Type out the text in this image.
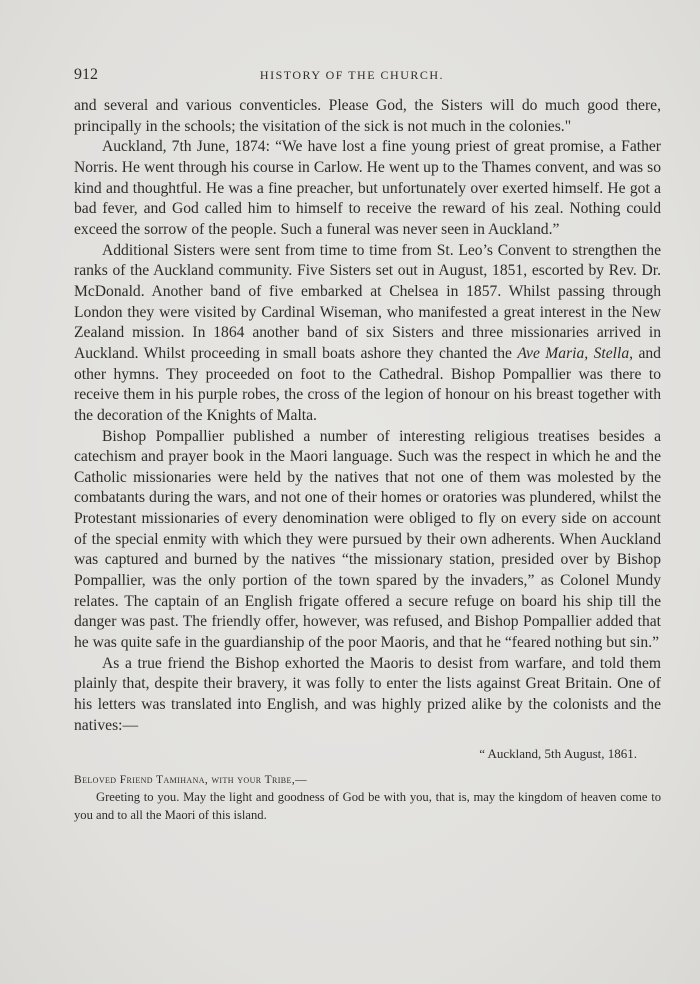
912	HISTORY OF THE CHURCH.

and several and various conventicles. Please God, the Sisters will do much good there, principally in the schools; the visitation of the sick is not much in the colonies."

Auckland, 7th June, 1874: “We have lost a fine young priest of great promise, a Father Norris. He went through his course in Carlow. He went up to the Thames convent, and was so kind and thoughtful. He was a fine preacher, but unfortunately over exerted himself. He got a bad fever, and God called him to himself to receive the reward of his zeal. Nothing could exceed the sorrow of the people. Such a funeral was never seen in Auckland.”

Additional Sisters were sent from time to time from St. Leo’s Convent to strengthen the ranks of the Auckland community. Five Sisters set out in August, 1851, escorted by Rev. Dr. McDonald. Another band of five embarked at Chelsea in 1857. Whilst passing through London they were visited by Cardinal Wiseman, who manifested a great interest in the New Zealand mission. In 1864 another band of six Sisters and three missionaries arrived in Auckland. Whilst proceeding in small boats ashore they chanted the Ave Maria, Stella, and other hymns. They proceeded on foot to the Cathedral. Bishop Pompallier was there to receive them in his purple robes, the cross of the legion of honour on his breast together with the decoration of the Knights of Malta.

Bishop Pompallier published a number of interesting religious treatises besides a catechism and prayer book in the Maori language. Such was the respect in which he and the Catholic missionaries were held by the natives that not one of them was molested by the combatants during the wars, and not one of their homes or oratories was plundered, whilst the Protestant missionaries of every denomination were obliged to fly on every side on account of the special enmity with which they were pursued by their own adherents. When Auckland was captured and burned by the natives “the missionary station, presided over by Bishop Pompallier, was the only portion of the town spared by the invaders,” as Colonel Mundy relates. The captain of an English frigate offered a secure refuge on board his ship till the danger was past. The friendly offer, however, was refused, and Bishop Pompallier added that he was quite safe in the guardianship of the poor Maoris, and that he “feared nothing but sin.”

As a true friend the Bishop exhorted the Maoris to desist from warfare, and told them plainly that, despite their bravery, it was folly to enter the lists against Great Britain. One of his letters was translated into English, and was highly prized alike by the colonists and the natives:—

“ Auckland, 5th August, 1861.

Beloved Friend Tamihana, with your Tribe,—

Greeting to you. May the light and goodness of God be with you, that is, may the kingdom of heaven come to you and to all the Maori of this island.
